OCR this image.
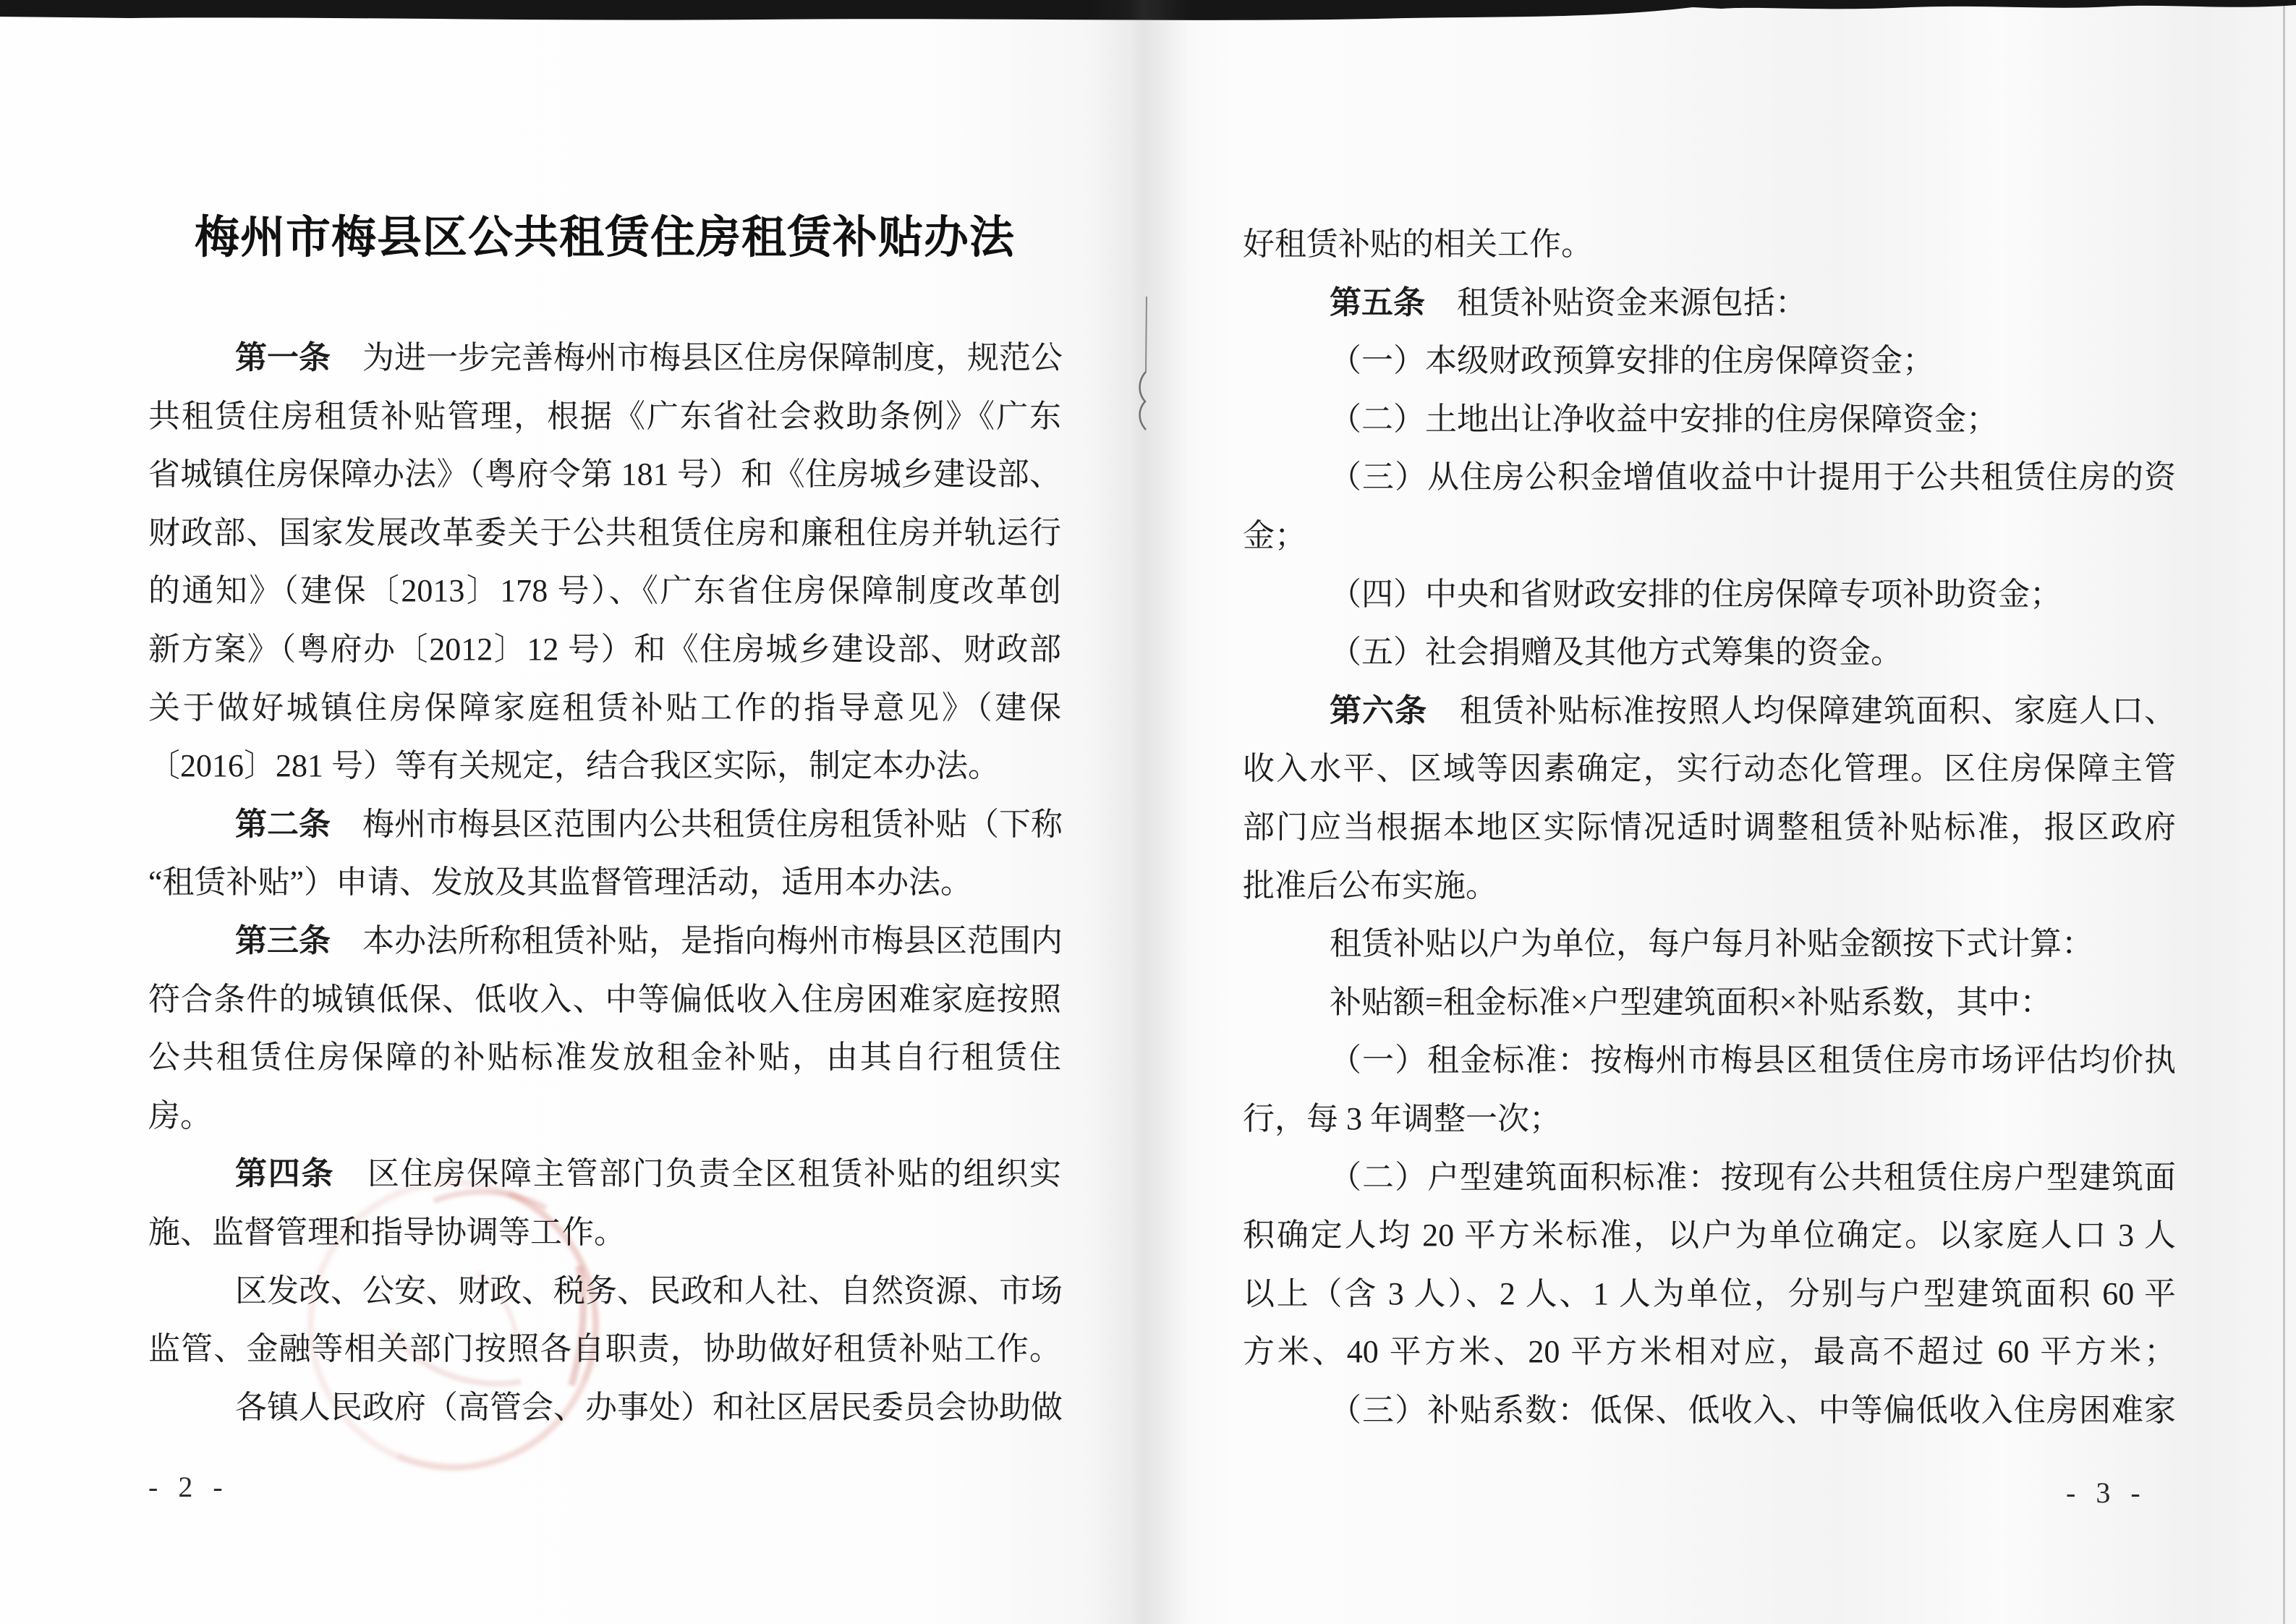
梅州市梅县区公共租赁住房租赁补贴办法
第一条　为进一步完善梅州市梅县区住房保障制度，规范公
共租赁住房租赁补贴管理，根据《广东省社会救助条例》《广东
省城镇住房保障办法》（粤府令第 181 号）和《住房城乡建设部、
财政部、国家发展改革委关于公共租赁住房和廉租住房并轨运行
的通知》（建保〔2013〕178 号）、《广东省住房保障制度改革创
新方案》（粤府办〔2012〕12 号）和《住房城乡建设部、财政部
关于做好城镇住房保障家庭租赁补贴工作的指导意见》（建保
〔2016〕281 号）等有关规定，结合我区实际，制定本办法。
第二条　梅州市梅县区范围内公共租赁住房租赁补贴（下称
“租赁补贴”）申请、发放及其监督管理活动，适用本办法。
第三条　本办法所称租赁补贴，是指向梅州市梅县区范围内
符合条件的城镇低保、低收入、中等偏低收入住房困难家庭按照
公共租赁住房保障的补贴标准发放租金补贴，由其自行租赁住
房。
第四条　区住房保障主管部门负责全区租赁补贴的组织实
施、监督管理和指导协调等工作。
区发改、公安、财政、税务、民政和人社、自然资源、市场
监管、金融等相关部门按照各自职责，协助做好租赁补贴工作。
各镇人民政府（高管会、办事处）和社区居民委员会协助做
- 2 -
好租赁补贴的相关工作。
第五条　租赁补贴资金来源包括：
（一）本级财政预算安排的住房保障资金；
（二）土地出让净收益中安排的住房保障资金；
（三）从住房公积金增值收益中计提用于公共租赁住房的资
金；
（四）中央和省财政安排的住房保障专项补助资金；
（五）社会捐赠及其他方式筹集的资金。
第六条　租赁补贴标准按照人均保障建筑面积、家庭人口、
收入水平、区域等因素确定，实行动态化管理。区住房保障主管
部门应当根据本地区实际情况适时调整租赁补贴标准，报区政府
批准后公布实施。
租赁补贴以户为单位，每户每月补贴金额按下式计算：
补贴额=租金标准×户型建筑面积×补贴系数，其中：
（一）租金标准：按梅州市梅县区租赁住房市场评估均价执
行，每 3 年调整一次；
（二）户型建筑面积标准：按现有公共租赁住房户型建筑面
积确定人均 20 平方米标准，以户为单位确定。以家庭人口 3 人
以上（含 3 人）、2 人、1 人为单位，分别与户型建筑面积 60 平
方米、40 平方米、20 平方米相对应，最高不超过 60 平方米；
（三）补贴系数：低保、低收入、中等偏低收入住房困难家
- 3 -
